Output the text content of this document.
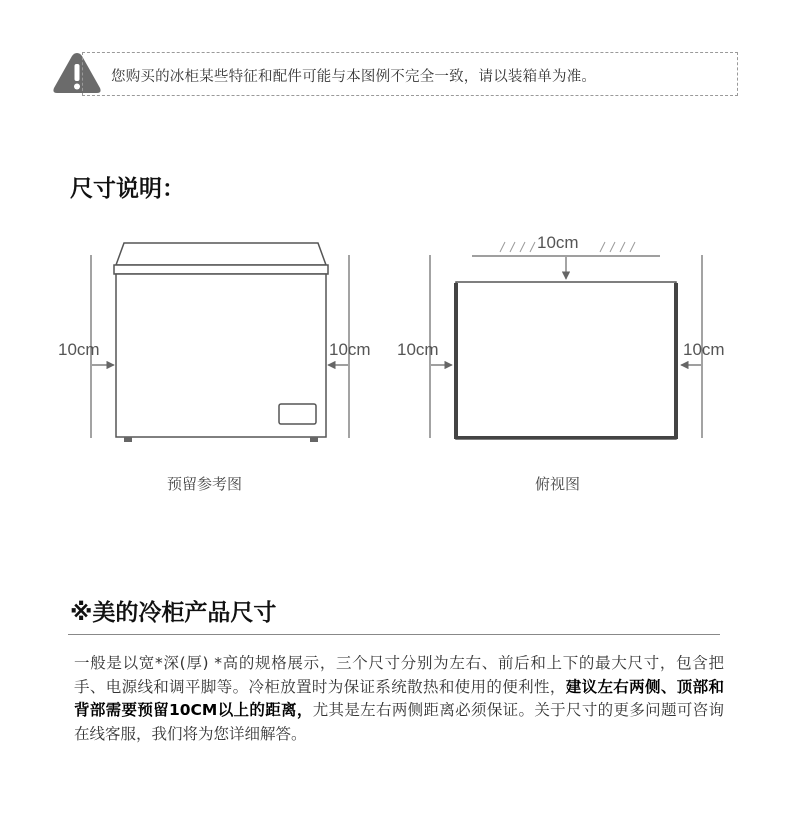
您购买的冰柜某些特征和配件可能与本图例不完全一致，请以装箱单为准。
尺寸说明：
10cm	10cm
10cm
10cm	10cm
预留参考图	俯视图
※美的冷柜产品尺寸
一般是以宽*深(厚) *高的规格展示，三个尺寸分别为左右、前后和上下的最大尺寸，包含把手、电源线和调平脚等。冷柜放置时为保证系统散热和使用的便利性，建议左右两侧、顶部和背部需要预留10CM以上的距离，尤其是左右两侧距离必须保证。关于尺寸的更多问题可咨询在线客服，我们将为您详细解答。
